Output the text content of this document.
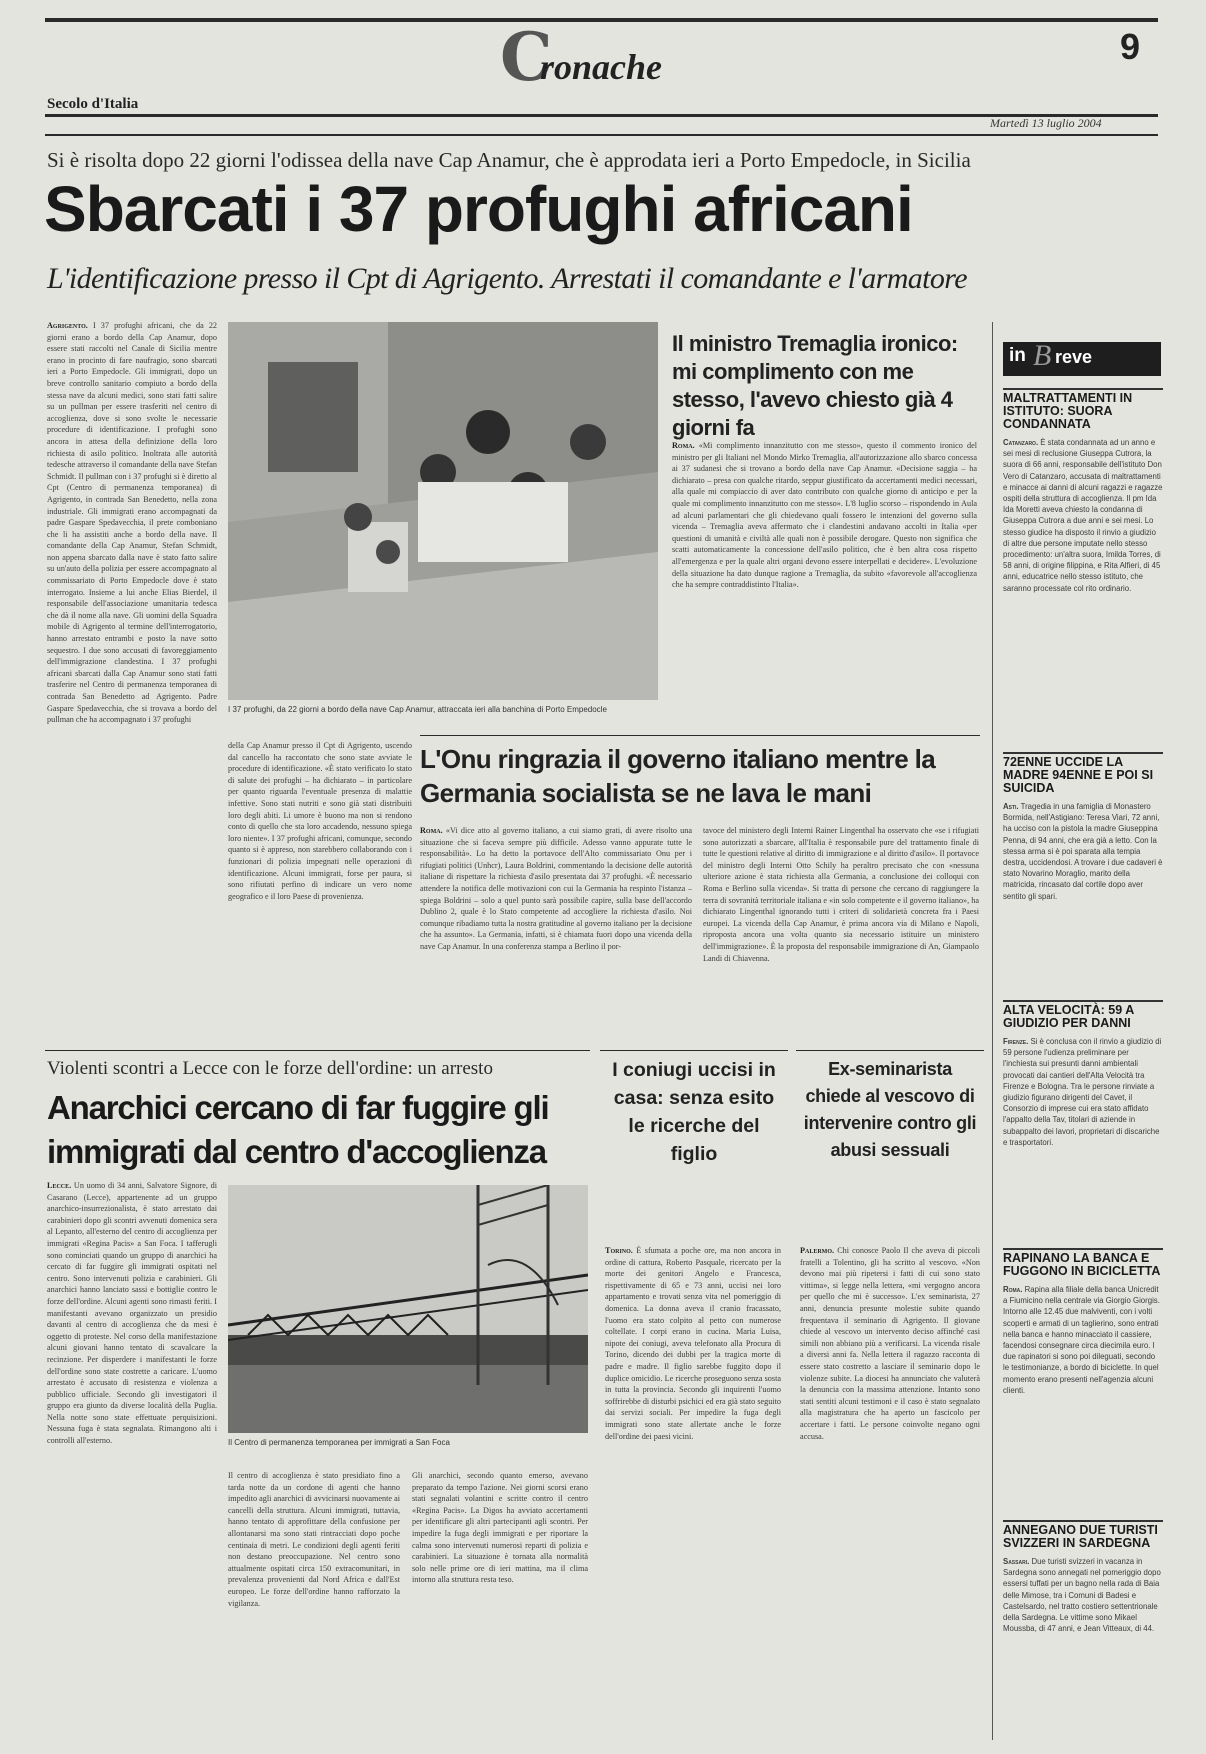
C
ronache	9
Secolo d'Italia
Martedì 13 luglio 2004
Si è risolta dopo 22 giorni l'odissea della nave Cap Anamur, che è approdata ieri a Porto Empedocle, in Sicilia
Sbarcati i 37 profughi africani
L'identificazione presso il Cpt di Agrigento. Arrestati il comandante e l'armatore
Agrigento. I 37 profughi africani, che da 22 giorni erano a bordo della Cap Anamur, dopo essere stati raccolti nel Canale di Sicilia mentre erano in procinto di fare naufragio, sono sbarcati ieri a Porto Empedocle. Gli immigrati, dopo un breve controllo sanitario compiuto a bordo della stessa nave da alcuni medici, sono stati fatti salire su un pullman per essere trasferiti nel centro di accoglienza, dove si sono svolte le necessarie procedure di identificazione. I profughi sono ancora in attesa della definizione della loro richiesta di asilo politico. Inoltrata alle autorità tedesche attraverso il comandante della nave Stefan Schmidt. Il pullman con i 37 profughi si è diretto al Cpt (Centro di permanenza temporanea) di Agrigento, in contrada San Benedetto, nella zona industriale. Gli immigrati erano accompagnati da padre Gaspare Spedavecchia, il prete comboniano che li ha assistiti anche a bordo della nave. Il comandante della Cap Anamur, Stefan Schmidt, non appena sbarcato dalla nave è stato fatto salire su un'auto della polizia per essere accompagnato al commissariato di Porto Empedocle dove è stato interrogato. Insieme a lui anche Elias Bierdel, il responsabile dell'associazione umanitaria tedesca che dà il nome alla nave. Gli uomini della Squadra mobile di Agrigento al termine dell'interrogatorio, hanno arrestato entrambi e posto la nave sotto sequestro. I due sono accusati di favoreggiamento dell'immigrazione clandestina. I 37 profughi africani sbarcati dalla Cap Anamur sono stati fatti trasferire nel Centro di permanenza temporanea di contrada San Benedetto ad Agrigento. Padre Gaspare Spedavecchia, che si trovava a bordo del pullman che ha accompagnato i 37 profughi
I 37 profughi, da 22 giorni a bordo della nave Cap Anamur, attraccata ieri alla banchina di Porto Empedocle
della Cap Anamur presso il Cpt di Agrigento, uscendo dal cancello ha raccontato che sono state avviate le procedure di identificazione. «È stato verificato lo stato di salute dei profughi – ha dichiarato – in particolare per quanto riguarda l'eventuale presenza di malattie infettive. Sono stati nutriti e sono già stati distribuiti loro degli abiti. Li umore è buono ma non si rendono conto di quello che sta loro accadendo, nessuno spiega loro niente». I 37 profughi africani, comunque, secondo quanto si è appreso, non starebbero collaborando con i funzionari di polizia impegnati nelle operazioni di identificazione. Alcuni immigrati, forse per paura, si sono rifiutati perfino di indicare un vero nome geografico e il loro Paese di provenienza.
Il ministro Tremaglia ironico: mi complimento con me stesso, l'avevo chiesto già 4 giorni fa
Roma. «Mi complimento innanzitutto con me stesso», questo il commento ironico del ministro per gli Italiani nel Mondo Mirko Tremaglia, all'autorizzazione allo sbarco concessa ai 37 sudanesi che si trovano a bordo della nave Cap Anamur. «Decisione saggia – ha dichiarato – presa con qualche ritardo, seppur giustificato da accertamenti medici necessari, alla quale mi compiaccio di aver dato contributo con qualche giorno di anticipo e per la quale mi complimento innanzitutto con me stesso». L'8 luglio scorso – rispondendo in Aula ad alcuni parlamentari che gli chiedevano quali fossero le intenzioni del governo sulla vicenda – Tremaglia aveva affermato che i clandestini andavano accolti in Italia «per questioni di umanità e civiltà alle quali non è possibile derogare. Questo non significa che scatti automaticamente la concessione dell'asilo politico, che è ben altra cosa rispetto all'emergenza e per la quale altri organi devono essere interpellati e decidere». L'evoluzione della situazione ha dato dunque ragione a Tremaglia, da subito «favorevole all'accoglienza che ha sempre contraddistinto l'Italia».
L'Onu ringrazia il governo italiano mentre la Germania socialista se ne lava le mani
Roma. «Vi dice atto al governo italiano, a cui siamo grati, di avere risolto una situazione che si faceva sempre più difficile. Adesso vanno appurate tutte le responsabilità». Lo ha detto la portavoce dell'Alto commissariato Onu per i rifugiati politici (Unhcr), Laura Boldrini, commentando la decisione delle autorità italiane di rispettare la richiesta d'asilo presentata dai 37 profughi. «È necessario attendere la notifica delle motivazioni con cui la Germania ha respinto l'istanza – spiega Boldrini – solo a quel punto sarà possibile capire, sulla base dell'accordo Dublino 2, quale è lo Stato competente ad accogliere la richiesta d'asilo. Noi comunque ribadiamo tutta la nostra gratitudine al governo italiano per la decisione che ha assunto». La Germania, infatti, si è chiamata fuori dopo una vicenda della nave Cap Anamur. In una conferenza stampa a Berlino il por-
tavoce del ministero degli Interni Rainer Lingenthal ha osservato che «se i rifugiati sono autorizzati a sbarcare, all'Italia è responsabile pure del trattamento finale di tutte le questioni relative al diritto di immigrazione e al diritto d'asilo». Il portavoce del ministro degli Interni Otto Schily ha peraltro precisato che con «nessuna ulteriore azione è stata richiesta alla Germania, a conclusione dei colloqui con Roma e Berlino sulla vicenda». Si tratta di persone che cercano di raggiungere la terra di sovranità territoriale italiana e «in solo competente e il governo italiano», ha dichiarato Lingenthal ignorando tutti i criteri di solidarietà concreta fra i Paesi europei. La vicenda della Cap Anamur, è prima ancora via di Milano e Napoli, riproposta ancora una volta quanto sia necessario istituire un ministero dell'immigrazione». È la proposta del responsabile immigrazione di An, Giampaolo Landi di Chiavenna.
Violenti scontri a Lecce con le forze dell'ordine: un arresto
Anarchici cercano di far fuggire gli immigrati dal centro d'accoglienza
Lecce. Un uomo di 34 anni, Salvatore Signore, di Casarano (Lecce), appartenente ad un gruppo anarchico-insurrezionalista, è stato arrestato dai carabinieri dopo gli scontri avvenuti domenica sera al Lepanto, all'esterno del centro di accoglienza per immigrati «Regina Pacis» a San Foca. I tafferugli sono cominciati quando un gruppo di anarchici ha cercato di far fuggire gli immigrati ospitati nel centro. Sono intervenuti polizia e carabinieri. Gli anarchici hanno lanciato sassi e bottiglie contro le forze dell'ordine. Alcuni agenti sono rimasti feriti. I manifestanti avevano organizzato un presidio davanti al centro di accoglienza che da mesi è oggetto di proteste. Nel corso della manifestazione alcuni giovani hanno tentato di scavalcare la recinzione. Per disperdere i manifestanti le forze dell'ordine sono state costrette a caricare. L'uomo arrestato è accusato di resistenza e violenza a pubblico ufficiale. Secondo gli investigatori il gruppo era giunto da diverse località della Puglia. Nella notte sono state effettuate perquisizioni. Nessuna fuga è stata segnalata. Rimangono alti i controlli all'esterno.	Il Centro di permanenza temporanea per immigrati a San Foca
Il centro di accoglienza è stato presidiato fino a tarda notte da un cordone di agenti che hanno impedito agli anarchici di avvicinarsi nuovamente ai cancelli della struttura. Alcuni immigrati, tuttavia, hanno tentato di approfittare della confusione per allontanarsi ma sono stati rintracciati dopo poche centinaia di metri. Le condizioni degli agenti feriti non destano preoccupazione. Nel centro sono attualmente ospitati circa 150 extracomunitari, in prevalenza provenienti dal Nord Africa e dall'Est europeo. Le forze dell'ordine hanno rafforzato la vigilanza.
Gli anarchici, secondo quanto emerso, avevano preparato da tempo l'azione. Nei giorni scorsi erano stati segnalati volantini e scritte contro il centro «Regina Pacis». La Digos ha avviato accertamenti per identificare gli altri partecipanti agli scontri. Per impedire la fuga degli immigrati e per riportare la calma sono intervenuti numerosi reparti di polizia e carabinieri. La situazione è tornata alla normalità solo nelle prime ore di ieri mattina, ma il clima intorno alla struttura resta teso.
I coniugi uccisi in casa: senza esito le ricerche del figlio
Torino. È sfumata a poche ore, ma non ancora in ordine di cattura, Roberto Pasquale, ricercato per la morte dei genitori Angelo e Francesca, rispettivamente di 65 e 73 anni, uccisi nei loro appartamento e trovati senza vita nel pomeriggio di domenica. La donna aveva il cranio fracassato, l'uomo era stato colpito al petto con numerose coltellate. I corpi erano in cucina. Maria Luisa, nipote dei coniugi, aveva telefonato alla Procura di Torino, dicendo dei dubbi per la tragica morte di padre e madre. Il figlio sarebbe fuggito dopo il duplice omicidio. Le ricerche proseguono senza sosta in tutta la provincia. Secondo gli inquirenti l'uomo soffrirebbe di disturbi psichici ed era già stato seguito dai servizi sociali. Per impedire la fuga degli immigrati sono state allertate anche le forze dell'ordine dei paesi vicini.
Ex-seminarista chiede al vescovo di intervenire contro gli abusi sessuali
Palermo. Chi conosce Paolo Il che aveva di piccoli fratelli a Tolentino, gli ha scritto al vescovo. «Non devono mai più ripetersi i fatti di cui sono stato vittima», si legge nella lettera, «mi vergogno ancora per quello che mi è successo». L'ex seminarista, 27 anni, denuncia presunte molestie subite quando frequentava il seminario di Agrigento. Il giovane chiede al vescovo un intervento deciso affinché casi simili non abbiano più a verificarsi. La vicenda risale a diversi anni fa. Nella lettera il ragazzo racconta di essere stato costretto a lasciare il seminario dopo le violenze subite. La diocesi ha annunciato che valuterà la denuncia con la massima attenzione. Intanto sono stati sentiti alcuni testimoni e il caso è stato segnalato alla magistratura che ha aperto un fascicolo per accertare i fatti. Le persone coinvolte negano ogni accusa.
in B reve
MALTRATTAMENTI IN ISTITUTO: SUORA CONDANNATA
Catanzaro. È stata condannata ad un anno e sei mesi di reclusione Giuseppa Cutrora, la suora di 66 anni, responsabile dell'istituto Don Vero di Catanzaro, accusata di maltrattamenti e minacce ai danni di alcuni ragazzi e ragazze ospiti della struttura di accoglienza. Il pm Ida Ida Moretti aveva chiesto la condanna di Giuseppa Cutrora a due anni e sei mesi. Lo stesso giudice ha disposto il rinvio a giudizio di altre due persone imputate nello stesso procedimento: un'altra suora, Imilda Torres, di 58 anni, di origine filippina, e Rita Alfieri, di 45 anni, educatrice nello stesso istituto, che saranno processate col rito ordinario.
72ENNE UCCIDE LA MADRE 94ENNE E POI SI SUICIDA
Asti. Tragedia in una famiglia di Monastero Bormida, nell'Astigiano: Teresa Viari, 72 anni, ha ucciso con la pistola la madre Giuseppina Penna, di 94 anni, che era già a letto. Con la stessa arma si è poi sparata alla tempia destra, uccidendosi. A trovare i due cadaveri è stato Novarino Moraglio, marito della matricida, rincasato dal cortile dopo aver sentito gli spari.
ALTA VELOCITÀ: 59 A GIUDIZIO PER DANNI
Firenze. Si è conclusa con il rinvio a giudizio di 59 persone l'udienza preliminare per l'inchiesta sui presunti danni ambientali provocati dai cantieri dell'Alta Velocità tra Firenze e Bologna. Tra le persone rinviate a giudizio figurano dirigenti del Cavet, il Consorzio di imprese cui era stato affidato l'appalto della Tav, titolari di aziende in subappalto dei lavori, proprietari di discariche e trasportatori.
RAPINANO LA BANCA E FUGGONO IN BICICLETTA
Roma. Rapina alla filiale della banca Unicredit a Fiumicino nella centrale via Giorgio Giorgis. Intorno alle 12.45 due malviventi, con i volti scoperti e armati di un taglierino, sono entrati nella banca e hanno minacciato il cassiere, facendosi consegnare circa diecimila euro. I due rapinatori si sono poi dileguati, secondo le testimonianze, a bordo di biciclette. In quel momento erano presenti nell'agenzia alcuni clienti.
ANNEGANO DUE TURISTI SVIZZERI IN SARDEGNA
Sassari. Due turisti svizzeri in vacanza in Sardegna sono annegati nel pomeriggio dopo essersi tuffati per un bagno nella rada di Baia delle Mimose, tra i Comuni di Badesi e Castelsardo, nel tratto costiero settentrionale della Sardegna. Le vittime sono Mikael Moussba, di 47 anni, e Jean Vitteaux, di 44.
